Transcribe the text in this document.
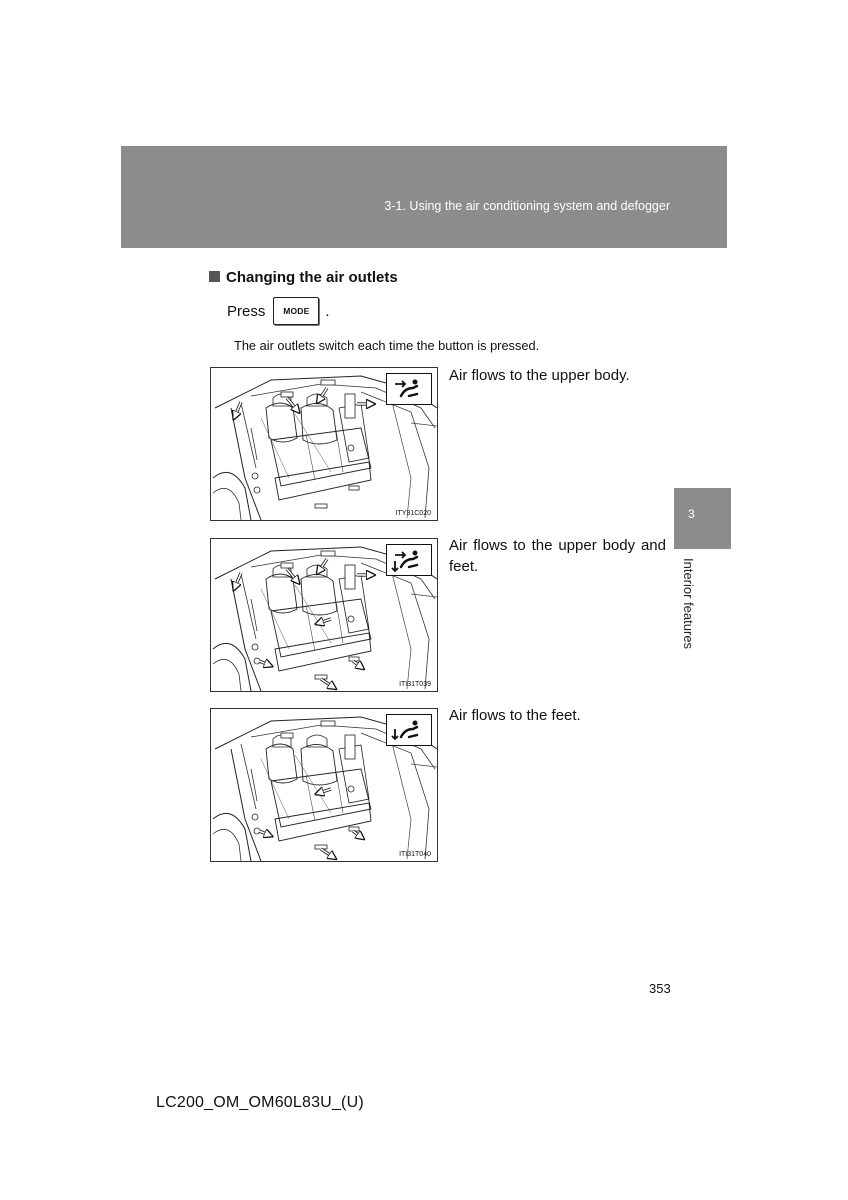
3-1. Using the air conditioning system and defogger
3
Interior features
Changing the air outlets
Press	MODE	.
The air outlets switch each time the button is pressed.
ITY31C020
Air flows to the upper body.
ITI31T039
Air flows to the upper body and feet.
ITI31T040
Air flows to the feet.
353
LC200_OM_OM60L83U_(U)
